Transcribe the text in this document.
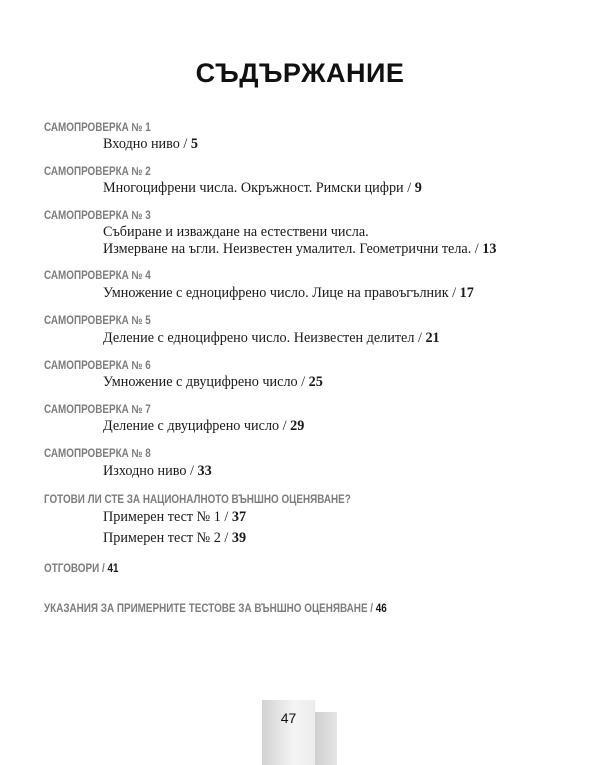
СЪДЪРЖАНИЕ
САМОПРОВЕРКА № 1
Входно ниво / 5
САМОПРОВЕРКА № 2
Многоцифрени числа. Окръжност. Римски цифри / 9
САМОПРОВЕРКА № 3
Събиране и изваждане на естествени числа.
Измерване на ъгли. Неизвестен умалител. Геометрични тела. / 13
САМОПРОВЕРКА № 4
Умножение с едноцифрено число. Лице на правоъгълник / 17
САМОПРОВЕРКА № 5
Деление с едноцифрено число. Неизвестен делител / 21
САМОПРОВЕРКА № 6
Умножение с двуцифрено число / 25
САМОПРОВЕРКА № 7
Деление с двуцифрено число / 29
САМОПРОВЕРКА № 8
Изходно ниво / 33
ГОТОВИ ЛИ СТЕ ЗА НАЦИОНАЛНОТО ВЪНШНО ОЦЕНЯВАНЕ?
Примерен тест № 1 / 37
Примерен тест № 2 / 39
ОТГОВОРИ / 41
УКАЗАНИЯ ЗА ПРИМЕРНИТЕ ТЕСТОВЕ ЗА ВЪНШНО ОЦЕНЯВАНЕ / 46
47
